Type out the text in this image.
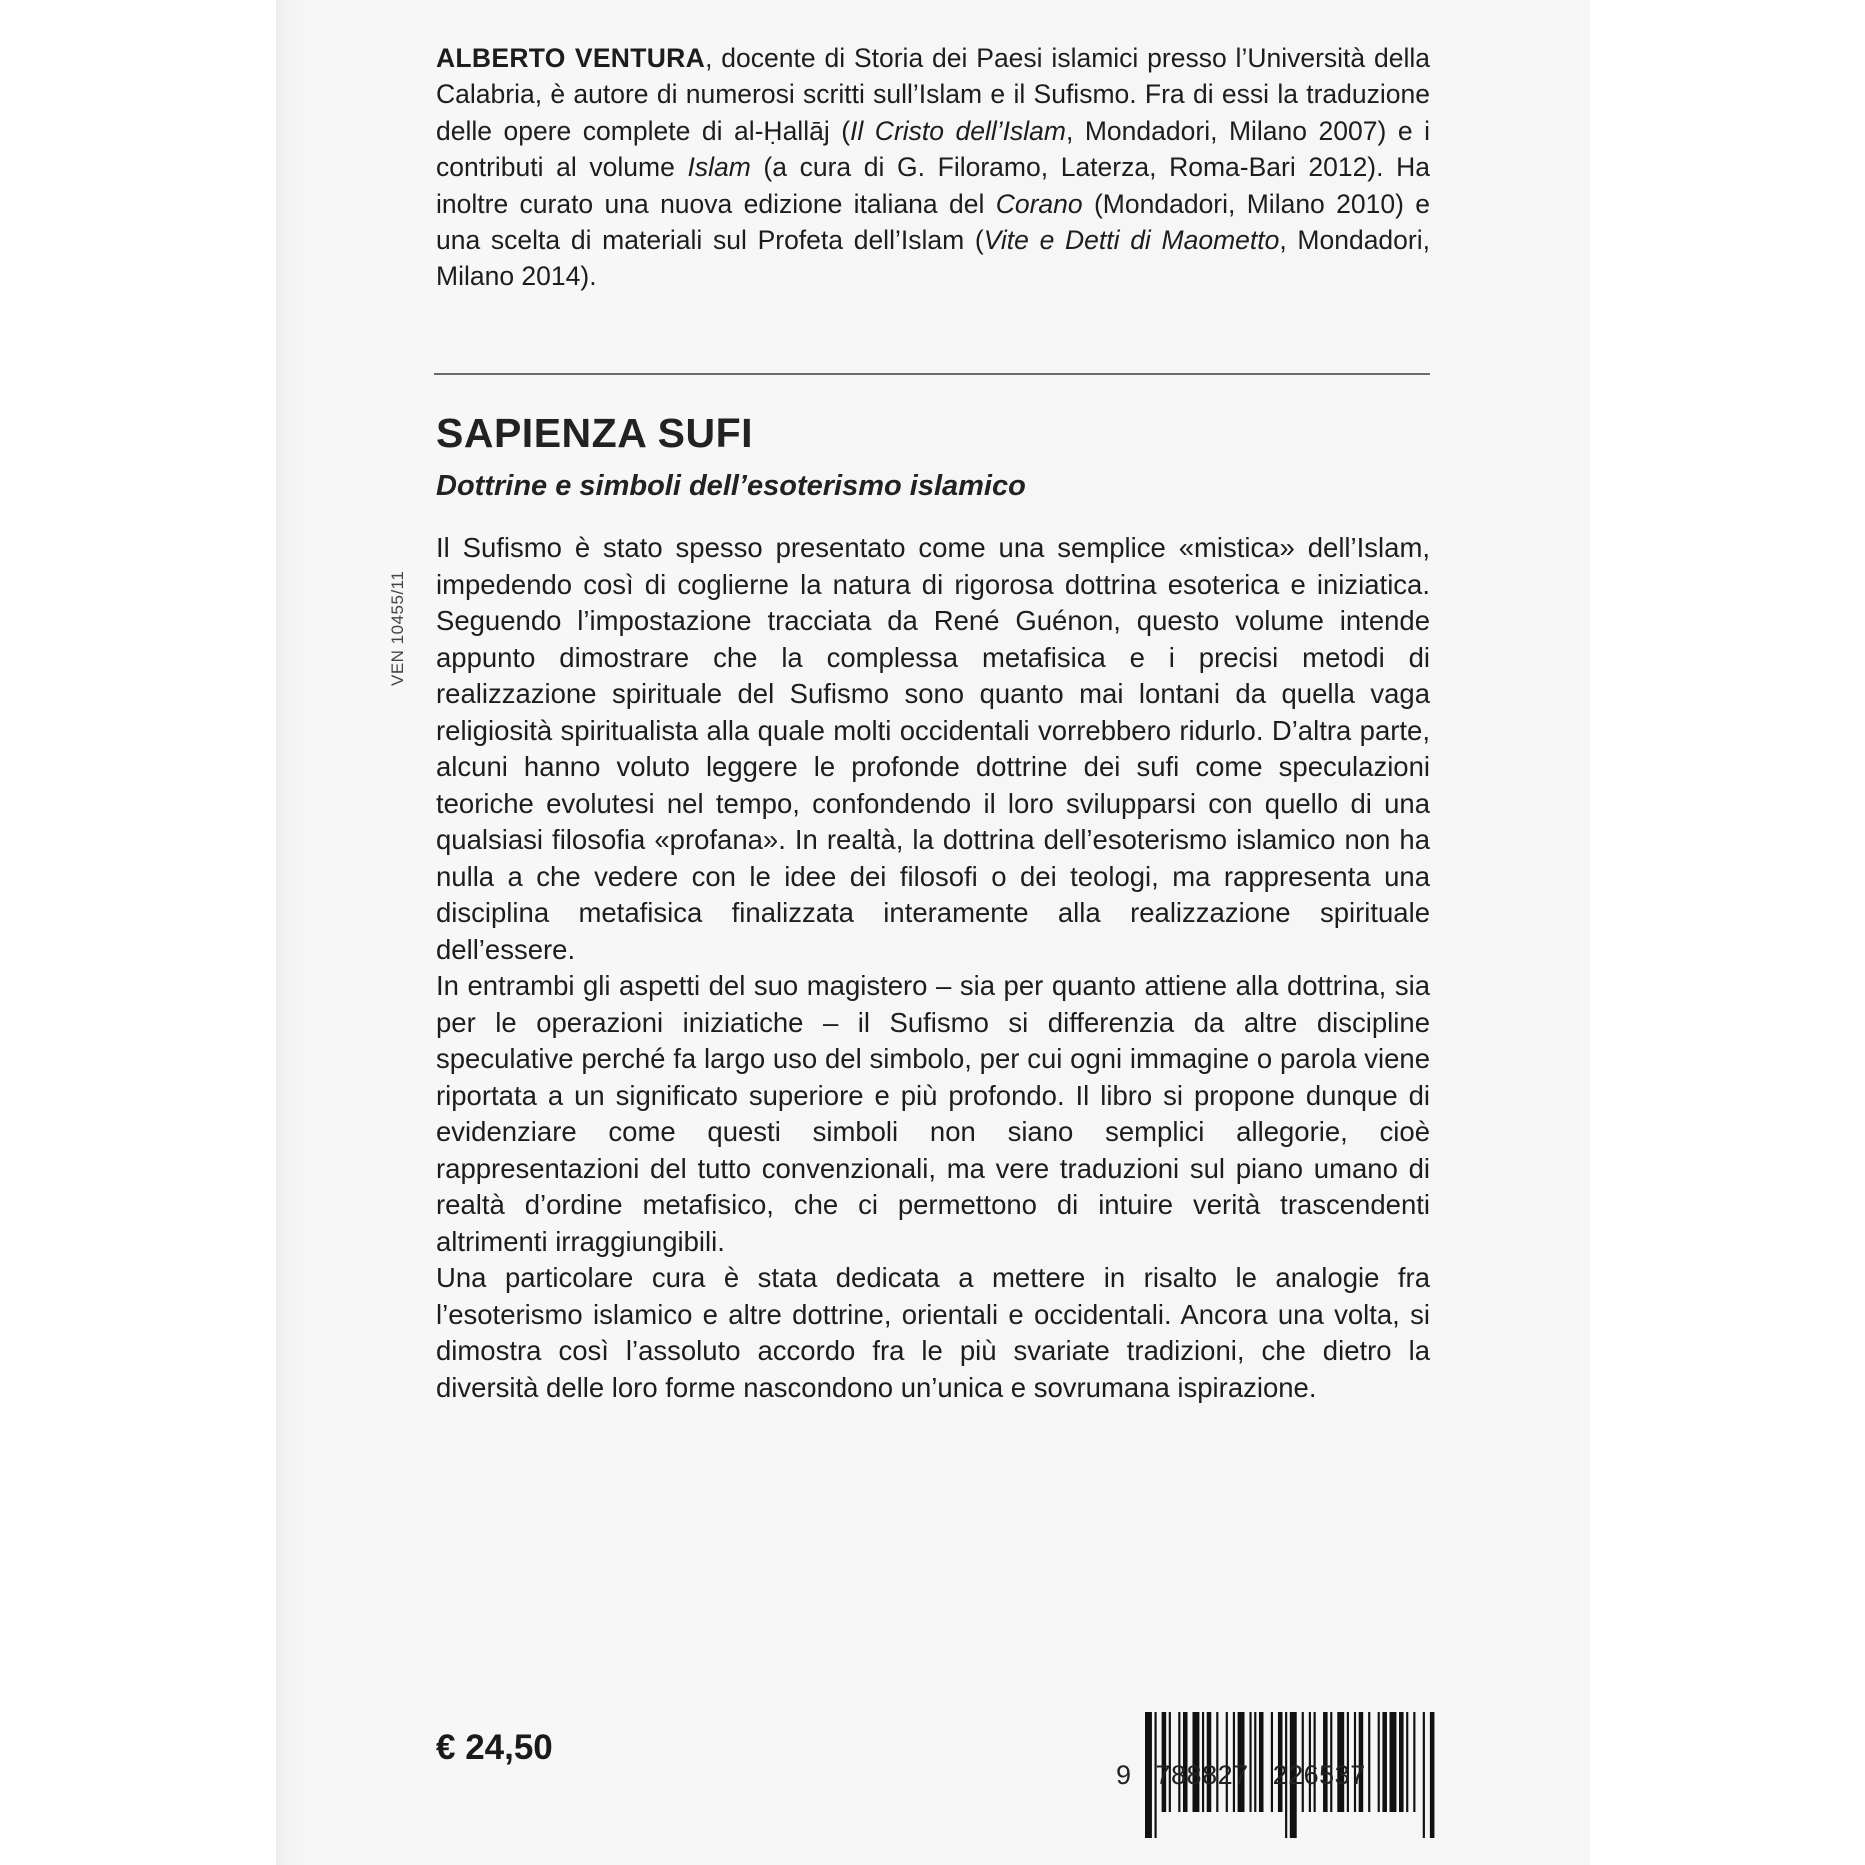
ALBERTO VENTURA, docente di Storia dei Paesi islamici presso l’Università della Calabria, è autore di numerosi scritti sull’Islam e il Sufismo. Fra di essi la traduzione delle opere complete di al-Ḥallāj (Il Cristo dell’Islam, Mondadori, Milano 2007) e i contributi al volume Islam (a cura di G. Filoramo, Laterza, Roma-Bari 2012). Ha inoltre curato una nuova edizione italiana del Corano (Mondadori, Milano 2010) e una scelta di materiali sul Profeta dell’Islam (Vite e Detti di Maometto, Mondadori, Milano 2014).
SAPIENZA SUFI
Dottrine e simboli dell’esoterismo islamico
VEN 10455/11

Il Sufismo è stato spesso presentato come una semplice «mistica» dell’Islam, impedendo così di coglierne la natura di rigorosa dottrina esoterica e iniziatica. Seguendo l’impostazione tracciata da René Guénon, questo volume intende appunto dimostrare che la complessa metafisica e i precisi metodi di realizzazione spirituale del Sufismo sono quanto mai lontani da quella vaga religiosità spiritualista alla quale molti occidentali vorrebbero ridurlo. D’altra parte, alcuni hanno voluto leggere le profonde dottrine dei sufi come speculazioni teoriche evolutesi nel tempo, confondendo il loro svilupparsi con quello di una qualsiasi filosofia «profana». In realtà, la dottrina dell’esoterismo islamico non ha nulla a che vedere con le idee dei filosofi o dei teologi, ma rappresenta una disciplina metafisica finalizzata interamente alla realizzazione spirituale dell’essere.

In entrambi gli aspetti del suo magistero – sia per quanto attiene alla dottrina, sia per le operazioni iniziatiche – il Sufismo si differenzia da altre discipline speculative perché fa largo uso del simbolo, per cui ogni immagine o parola viene riportata a un significato superiore e più profondo. Il libro si propone dunque di evidenziare come questi simboli non siano semplici allegorie, cioè rappresentazioni del tutto convenzionali, ma vere traduzioni sul piano umano di realtà d’ordine metafisico, che ci permettono di intuire verità trascendenti altrimenti irraggiungibili.

Una particolare cura è stata dedicata a mettere in risalto le analogie fra l’esoterismo islamico e altre dottrine, orientali e occidentali. Ancora una volta, si dimostra così l’assoluto accordo fra le più svariate tradizioni, che dietro la diversità delle loro forme nascondono un’unica e sovrumana ispirazione.

€ 24,50
9   788827   226537
